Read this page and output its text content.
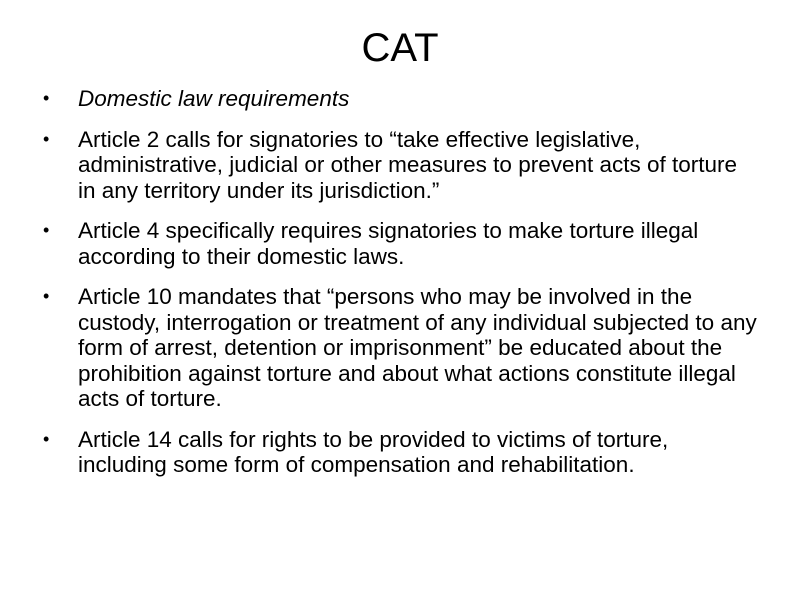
CAT
• Domestic law requirements
• Article 2 calls for signatories to “take effective legislative, administrative, judicial or other measures to prevent acts of torture in any territory under its jurisdiction.”
• Article 4 specifically requires signatories to make torture illegal according to their domestic laws.
• Article 10 mandates that “persons who may be involved in the custody, interrogation or treatment of any individual subjected to any form of arrest, detention or imprisonment” be educated about the prohibition against torture and about what actions constitute illegal acts of torture.
• Article 14 calls for rights to be provided to victims of torture, including some form of compensation and rehabilitation.
